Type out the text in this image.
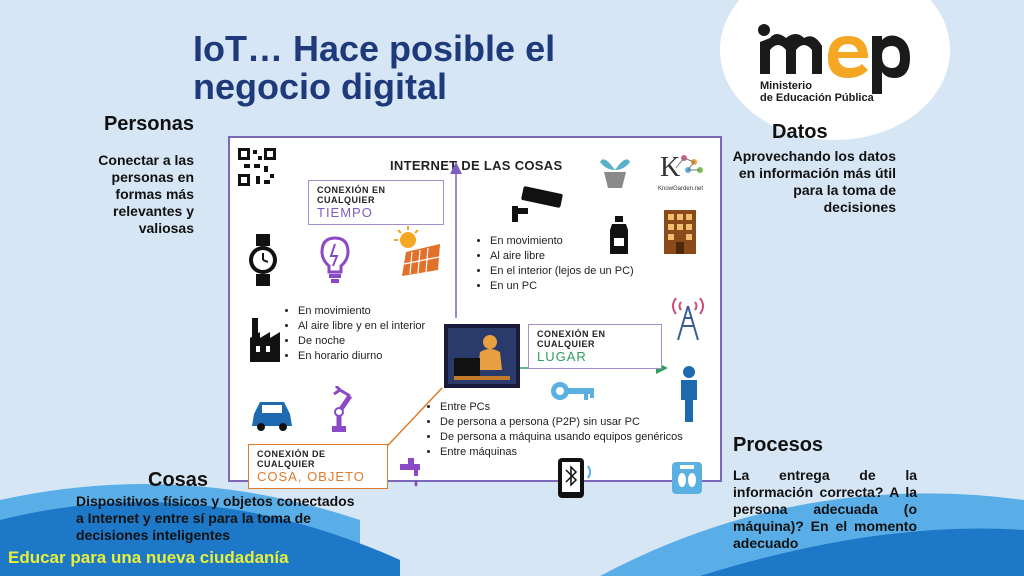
Ministerio
de Educación Pública
IoT… Hace posible el negocio digital
Personas
Conectar a las personas en formas más relevantes y valiosas
Datos
Aprovechando los datos en información más útil para la toma de decisiones
Cosas
Dispositivos físicos y objetos conectados a Internet y entre sí para la toma de decisiones inteligentes
Procesos
La entrega de la información correcta? A la persona adecuada (o máquina)? En el momento adecuado
INTERNET DE LAS COSAS
CONEXIÓN EN CUALQUIER
TIEMPO
CONEXIÓN EN CUALQUIER
LUGAR
CONEXIÓN DE CUALQUIER
COSA, OBJETO
• En movimiento
• Al aire libre
• En el interior (lejos de un PC)
• En un PC
• En movimiento
• Al aire libre y en el interior
• De noche
• En horario diurno
• Entre PCs
• De persona a persona (P2P) sin usar PC
• De persona a máquina usando equipos genéricos
• Entre máquinas
K
KnowGarden.net
Educar para una nueva ciudadanía
